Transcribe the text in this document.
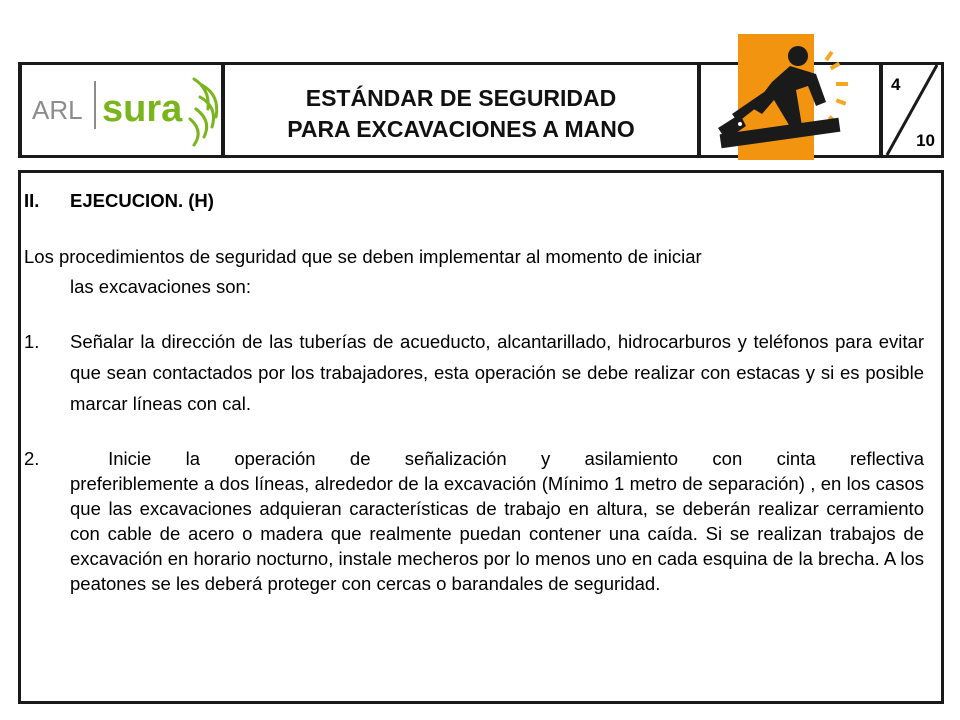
ARL sura	ESTÁNDAR DE SEGURIDAD
PARA EXCAVACIONES A MANO
4
10
II. EJECUCION. (H)
Los procedimientos de seguridad que se deben implementar al momento de iniciar
las excavaciones son:
1. Señalar la dirección de las tuberías de acueducto, alcantarillado, hidrocarburos y teléfonos para evitar que sean contactados por los trabajadores, esta operación se debe realizar con estacas y si es posible marcar líneas con cal.
2.	Inicie la operación de señalización y asilamiento con cinta reflectiva
preferiblemente a dos líneas, alrededor de la excavación (Mínimo 1 metro de separación) , en los casos que las excavaciones adquieran características de trabajo en altura, se deberán realizar cerramiento con cable de acero o madera que realmente puedan contener una caída. Si se realizan trabajos de excavación en horario nocturno, instale mecheros por lo menos uno en cada esquina de la brecha. A los peatones se les deberá proteger con cercas o barandales de seguridad.
